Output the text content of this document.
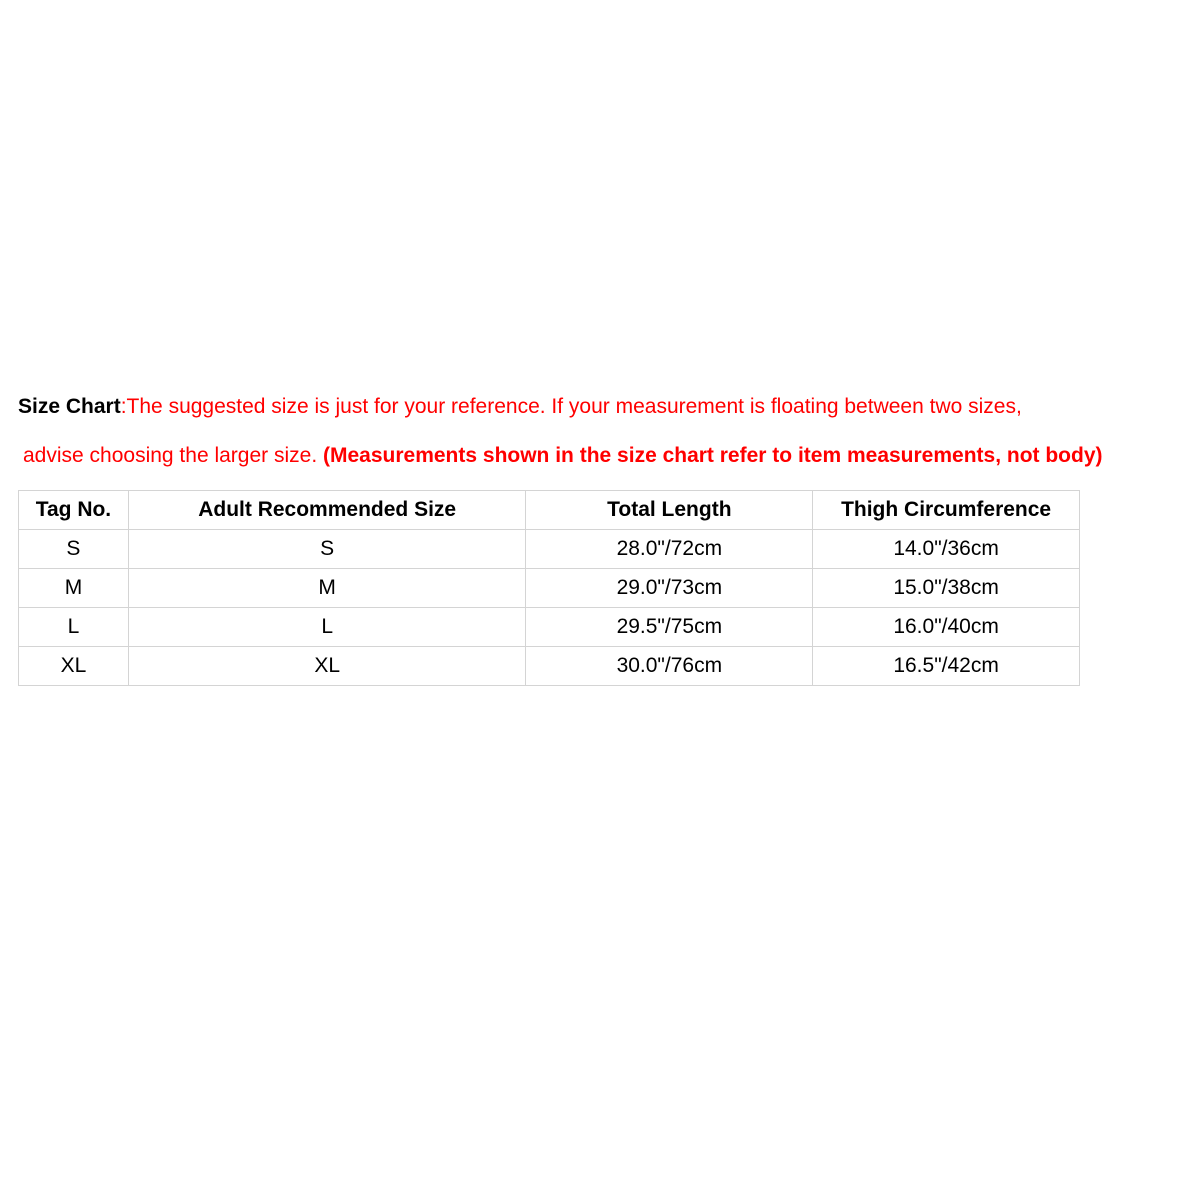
Size Chart:The suggested size is just for your reference. If your measurement is floating between two sizes,
advise choosing the larger size. (Measurements shown in the size chart refer to item measurements, not body)
Tag No.	Adult Recommended Size	Total Length	Thigh Circumference
S	S	28.0"/72cm	14.0"/36cm
M	M	29.0"/73cm	15.0"/38cm
L	L	29.5"/75cm	16.0"/40cm
XL	XL	30.0"/76cm	16.5"/42cm
